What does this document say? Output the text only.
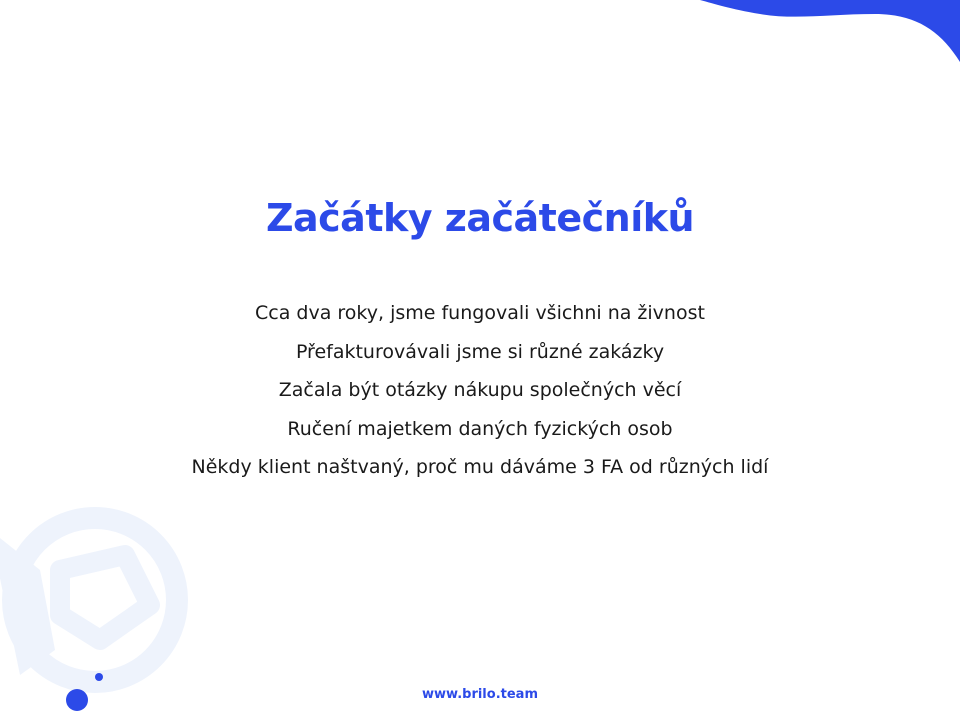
Začátky začátečníků
Cca dva roky, jsme fungovali všichni na živnost
Přefakturovávali jsme si různé zakázky
Začala být otázky nákupu společných věcí
Ručení majetkem daných fyzických osob
Někdy klient naštvaný, proč mu dáváme 3 FA od různých lidí
www.brilo.team
